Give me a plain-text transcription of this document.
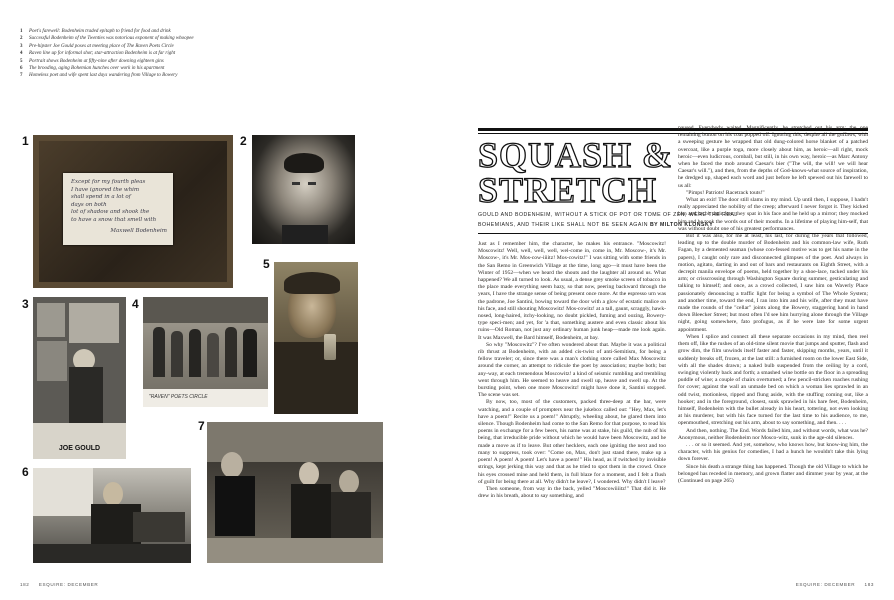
1 Poet's farewell: Bodenheim traded epitaph to friend for food and drink
2 Successful Bodenheim of the Twenties was notorious exponent of making whoopee
3 Pre-hipster Joe Gould poses at meeting place of The Raven Poets Circle
4 Raven line up for informal shot; star-attraction Bodenheim is at far right
5 Portrait shows Bodenheim at fifty-nine after downing eighteen gins
6 The brooding, aging Bohemian hunches over work in his apartment
7 Homeless poet and wife spent last days wandering from Village to Bowery
1
Except for my fourth pleas
I have ignored the whim
shall spend in a lot of
days on both
lot of shadow and shook the
to have a snow that smell with
Maxwell Bodenheim
2
5
3
JOE GOULD
4
"RAVEN" POETS CIRCLE
6
7
SQUASH &
STRETCH
GOULD AND BODENHEIM, WITHOUT A STICK OF POT OR TOME OF ZEN, WERE THE REAL
BOHEMIANS, AND THEIR LIKE SHALL NOT BE SEEN AGAIN BY MILTON KLONSKY

Just as I remember him, the character, he makes his entrance. "Moscowitz! Moscowitz! Well, well, well, well, wel-come in, come in, Mr. Moscow-, it's Mr. Moscow-, it's Mr. Mos-cow-iiiitz! Mos-cowitz!" I was sitting with some friends in the San Remo in Greenwich Village at the time, long ago—it must have been the Winter of 1952—when we heard the shouts and the laughter all around us. What happened? We all turned to look. As usual, a dense grey smoke screen of tobacco in the place made everything seem hazy, so that now, peering backward through the years, I have the strange sense of being present once more. At the espresso urn was the padrone, Joe Santini, bowing toward the door with a glow of ecstatic malice on his face, and still shouting Moscowitz! Mos-cowitz! at a tall, gaunt, scraggly, hawk-nosed, long-haired, itchy-looking, no doubt pickled, fuming and oozing, Bowery-type speci-men; and yet, for 'a that, something austere and even classic about his ruins—Old Roman, not just any ordinary human junk heap—made me look again. It was Maxwell, the Bard himself, Bodenheim, at bay.

So why "Moscowitz"? I've often wondered about that. Maybe it was a political rib thrust at Bodenheim, with an added cis-twist of anti-Semitism, for being a fellow traveler; or, since there was a man's clothing store called Max Moscowitz around the corner, an attempt to ridicule the poet by association; maybe both; but any-way, at each tremendous Moscowitz! a kind of seismic rumbling and trembling went through him. He seemed to heave and swell up, heave and swell up. At the bursting point, when one more Moscowitz! might have done it, Santini stopped. The scene was set.

By now, too, most of the customers, packed three-deep at the bar, were watching, and a couple of prompters near the jukebox called out: "Hey, Max, let's have a poem!" Recite us a poem!" Abruptly, wheeling about, he glared them into silence. Though Bodenheim had come to the San Remo for that purpose, to read his poems in exchange for a few beers, his name was at stake, his guild, the nub of his being, that irreducible pride without which he would have been Moscowitz, and he made a move as if to leave. But other hecklers, each one igniting the next and too many to suppress, took over: "Come on, Max, don't just stand there, make up a poem! A poem! A poem! Let's have a poem!" His head, as if twitched by invisible strings, kept jerking this way and that as he tried to spot them in the crowd. Once his eyes crossed mine and held them, in full blaze for a moment, and I felt a flush of guilt for being there at all. Why didn't he leave?, I wondered. Why didn't I leave?

Then someone, from way in the back, yelled "Moscowiiiitz!" That did it. He drew in his breath, about to say something, and

paused. Everybody waited. Magnificently, he stretched out his arm; the one remaining button on his coat popped off. Ignoring this, despite all the guffaws, with a sweeping gesture he wrapped that old dung-colored horse blanket of a patched overcoat, like a purple toga, more closely about him, as heroic—all right, mock heroic—even ludicrous, cornball, but still, in his own way, heroic—as Marc Antony when he faced the mob around Caesar's bier ("The will, the will! we will hear Caesar's will."), and then, from the depths of God-knows-what source of inspiration, he dredged up, shaped each word and just before he left spewed out his farewell to us all:

"Pimps! Patriots! Racetrack touts!"

What an exit! The door still slams in my mind. Up until then, I suppose, I hadn't really appreciated the nobility of the creep; afterward I never forgot it. They kicked him and he bit their feet; they spat in his face and he held up a mirror; they mocked him and he took the words out of their mouths. In a lifetime of playing him-self, that was without doubt one of his greatest performances.

But it was also, for me at least, his last, for during the years that followed, leading up to the double murder of Bodenheim and his common-law wife, Ruth Fagan, by a demented seaman (whose con-fessed motive was to get his name in the papers), I caught only rare and disconnected glimpses of the poet. And always in motion, agitato, darting in and out of bars and restaurants on Eighth Street, with a decrepit manila envelope of poems, held together by a shoe-lace, tucked under his arm; or crisscrossing through Washington Square during summer, gesticulating and talking to himself; and once, as a crowd collected, I saw him on Waverly Place passionately denouncing a traffic light for being a symbol of The Whole System; and another time, toward the end, I ran into him and his wife, after they must have made the rounds of the "cellar" joints along the Bowery, staggering hand in hand down Bleecker Street; but most often I'd see him hurrying alone through the Village night, going somewhere, fato profugus, as if he were late for some urgent appointment.

When I splice and connect all these separate occasions in my mind, then reel them off, like the rushes of an old-time silent movie that jumps and sputter, flash and grow dim, the film unwinds itself faster and faster, skipping months, years, until it suddenly breaks off, frozen, at the last still: a furnished room on the lower East Side, with all the shades drawn; a naked bulb suspended from the ceiling by a cord, swinging violently back and forth; a smashed wine bottle on the floor in a spreading puddle of wine; a couple of chairs overturned; a few pencil-stricken roaches rushing for cover; against the wall an unmade bed on which a woman lies sprawled in an odd twist, motionless, ripped and flung aside, with the stuffing coming out, like a hooker; and in the foreground, closest, sunk sprawled in his bare feet, Bodenheim, himself, Bodenheim with the bullet already in his heart, tottering, not even looking at his murderer, but with his face turned for the last time to his audience, to me, openmouthed, stretching out his arm, about to say something, and then. . . .

And then, nothing. The End. Words failed him, and without words, what was he? Anonymous, neither Bodenheim nor Mosco-witz, sunk in the age-old silences.

. . . or so it seemed. And yet, somehow, who knows how, but know-ing him, the character, with his genius for comedies, I had a hunch he wouldn't take this lying down forever.

Since his death a strange thing has happened. Though the old Village to which he belonged has receded in memory, and grown flatter and dimmer year by year, at the (Continued on page 265)

182     ESQUIRE: DECEMBER	ESQUIRE: DECEMBER     183
